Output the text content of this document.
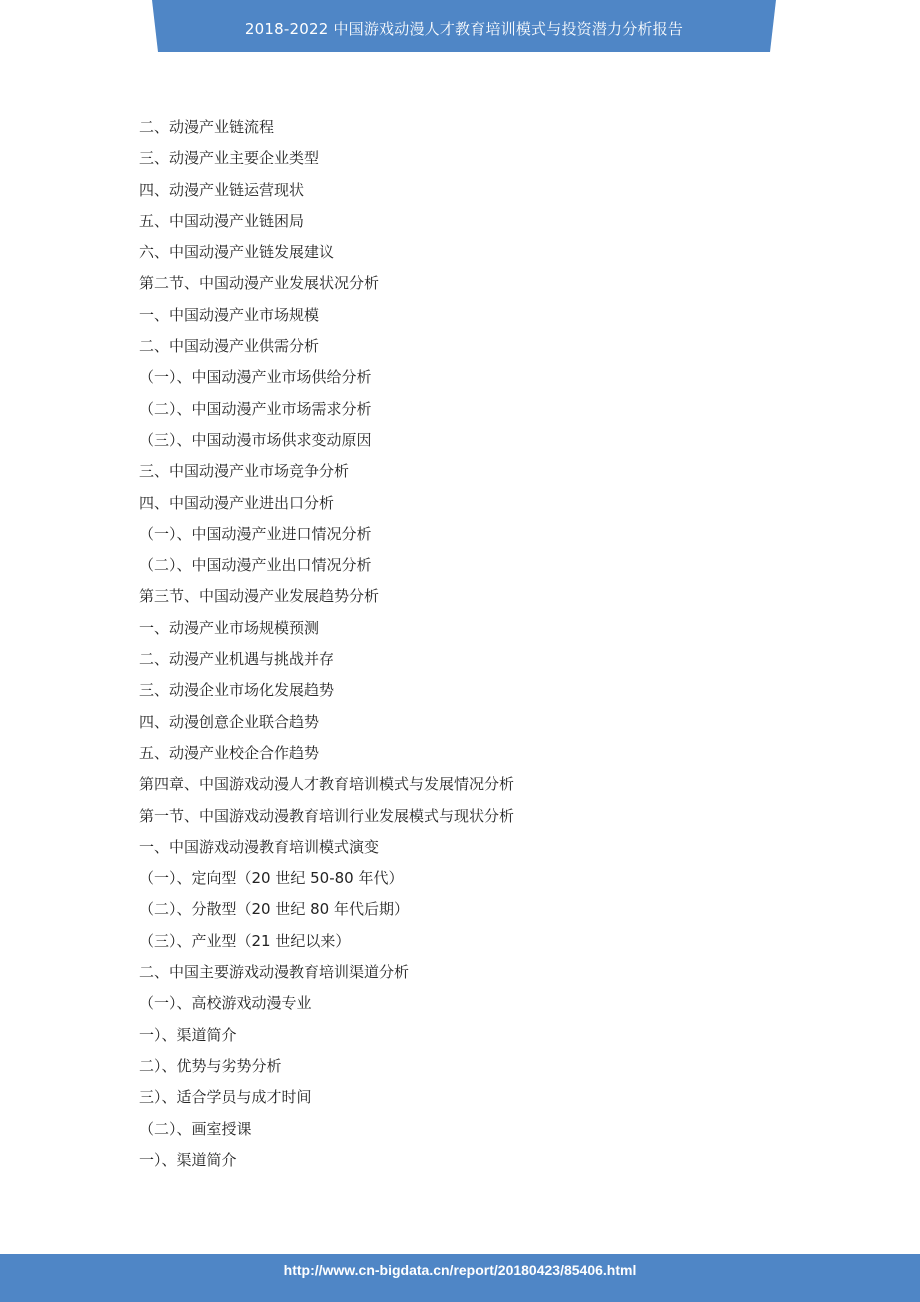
2018-2022 中国游戏动漫人才教育培训模式与投资潜力分析报告
二、动漫产业链流程
三、动漫产业主要企业类型
四、动漫产业链运营现状
五、中国动漫产业链困局
六、中国动漫产业链发展建议
第二节、中国动漫产业发展状况分析
一、中国动漫产业市场规模
二、中国动漫产业供需分析
（一）、中国动漫产业市场供给分析
（二）、中国动漫产业市场需求分析
（三）、中国动漫市场供求变动原因
三、中国动漫产业市场竞争分析
四、中国动漫产业进出口分析
（一）、中国动漫产业进口情况分析
（二）、中国动漫产业出口情况分析
第三节、中国动漫产业发展趋势分析
一、动漫产业市场规模预测
二、动漫产业机遇与挑战并存
三、动漫企业市场化发展趋势
四、动漫创意企业联合趋势
五、动漫产业校企合作趋势
第四章、中国游戏动漫人才教育培训模式与发展情况分析
第一节、中国游戏动漫教育培训行业发展模式与现状分析
一、中国游戏动漫教育培训模式演变
（一）、定向型（20 世纪 50-80 年代）
（二）、分散型（20 世纪 80 年代后期）
（三）、产业型（21 世纪以来）
二、中国主要游戏动漫教育培训渠道分析
（一）、高校游戏动漫专业
一）、渠道简介
二）、优势与劣势分析
三）、适合学员与成才时间
（二）、画室授课
一）、渠道简介
http://www.cn-bigdata.cn/report/20180423/85406.html
